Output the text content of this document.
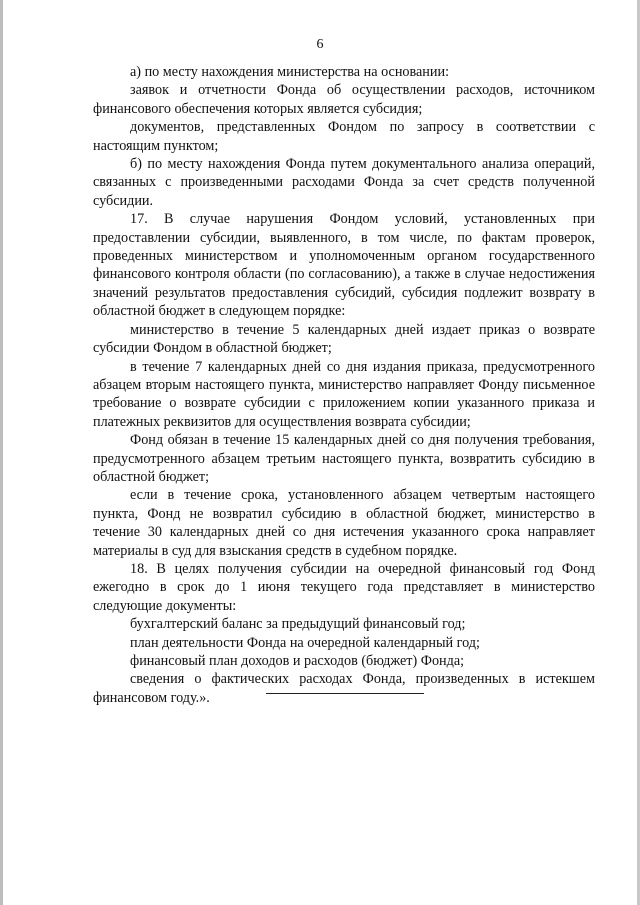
6

а) по месту нахождения министерства на основании:

заявок и отчетности Фонда об осуществлении расходов, источником финансового обеспечения которых является субсидия;

документов, представленных Фондом по запросу в соответствии с настоящим пунктом;

б) по месту нахождения Фонда путем документального анализа операций, связанных с произведенными расходами Фонда за счет средств полученной субсидии.

17. В случае нарушения Фондом условий, установленных при предоставлении субсидии, выявленного, в том числе, по фактам проверок, проведенных министерством и уполномоченным органом государственного финансового контроля области (по согласованию), а также в случае недостижения значений результатов предоставления субсидий, субсидия подлежит возврату в областной бюджет в следующем порядке:

министерство в течение 5 календарных дней издает приказ о возврате субсидии Фондом в областной бюджет;

в течение 7 календарных дней со дня издания приказа, предусмотренного абзацем вторым настоящего пункта, министерство направляет Фонду письменное требование о возврате субсидии с приложением копии указанного приказа и платежных реквизитов для осуществления возврата субсидии;

Фонд обязан в течение 15 календарных дней со дня получения требования, предусмотренного абзацем третьим настоящего пункта, возвратить субсидию в областной бюджет;

если в течение срока, установленного абзацем четвертым настоящего пункта, Фонд не возвратил субсидию в областной бюджет, министерство в течение 30 календарных дней со дня истечения указанного срока направляет материалы в суд для взыскания средств в судебном порядке.

18. В целях получения субсидии на очередной финансовый год Фонд ежегодно в срок до 1 июня текущего года представляет в министерство следующие документы:

бухгалтерский баланс за предыдущий финансовый год;

план деятельности Фонда на очередной календарный год;

финансовый план доходов и расходов (бюджет) Фонда;

сведения о фактических расходах Фонда, произведенных в истекшем финансовом году.».
